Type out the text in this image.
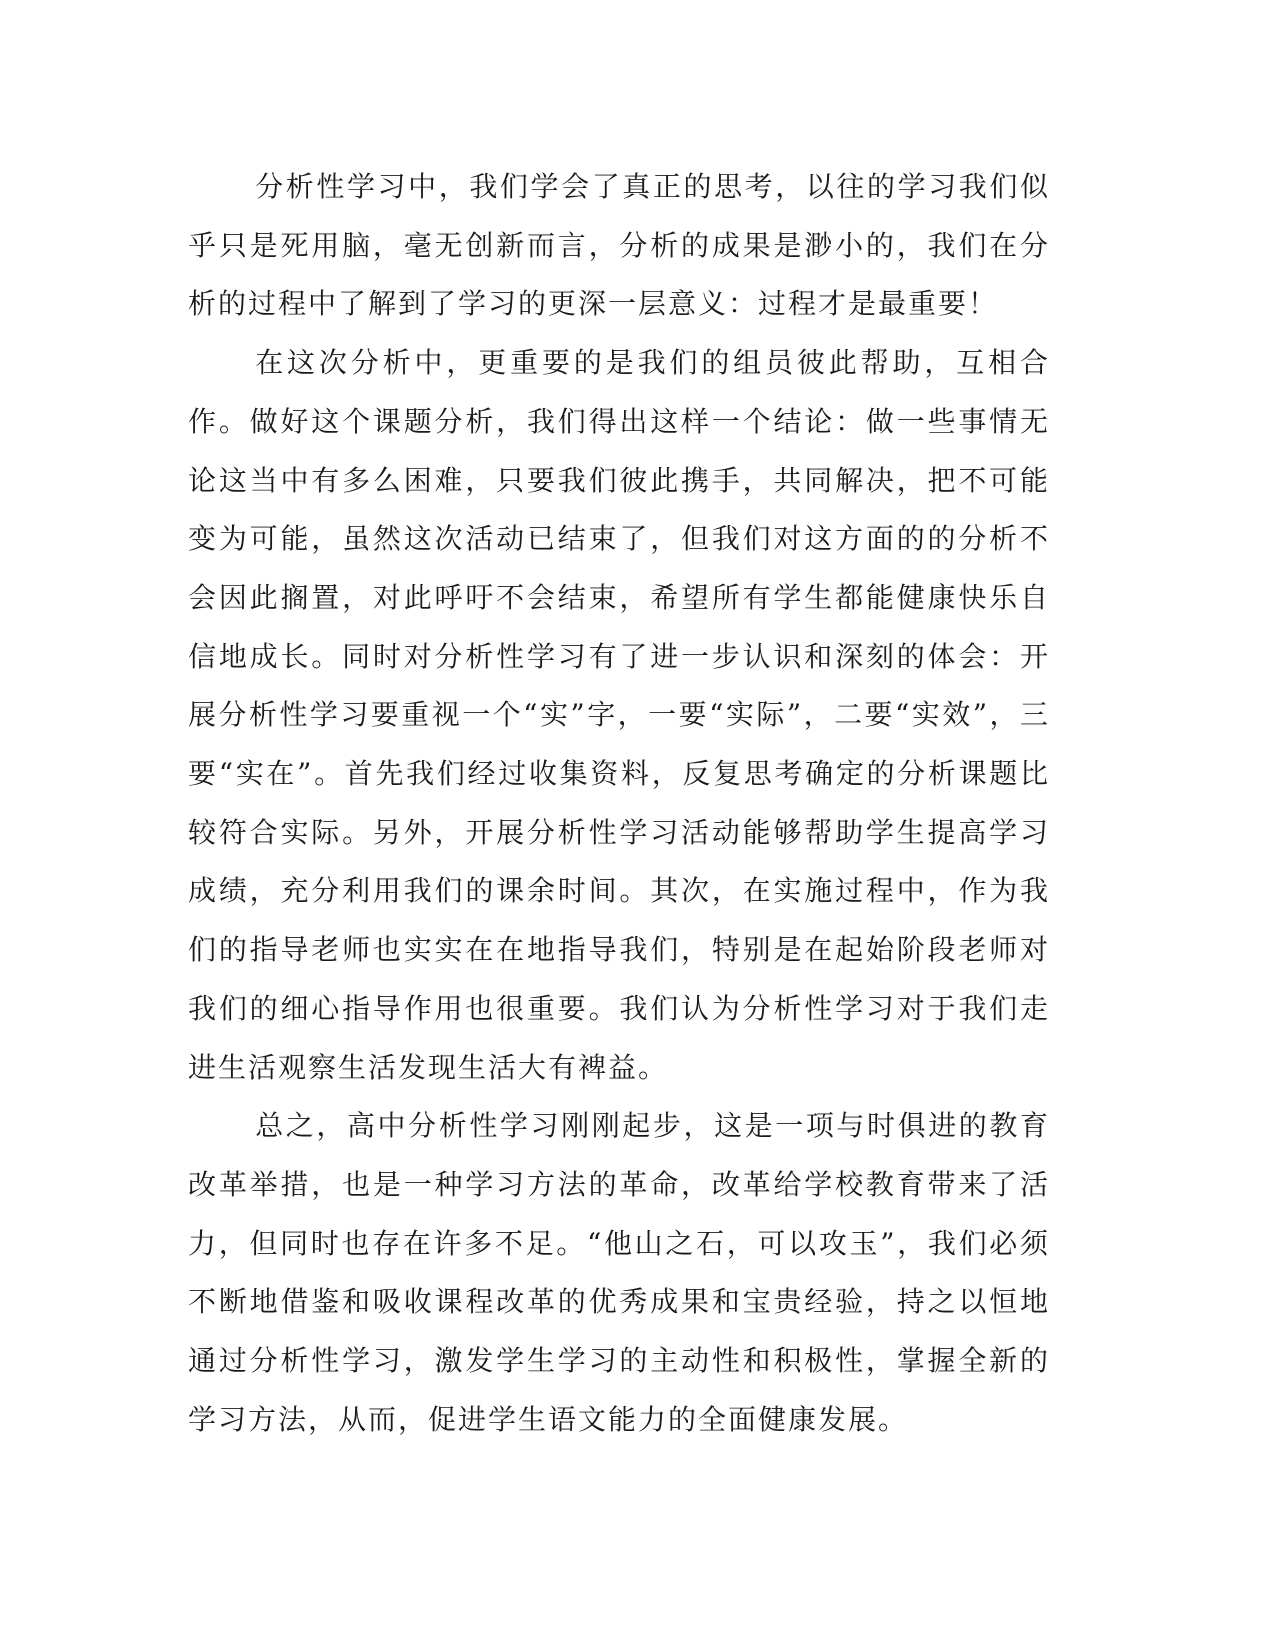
分析性学习中，我们学会了真正的思考，以往的学习我们似乎只是死用脑，毫无创新而言，分析的成果是渺小的，我们在分析的过程中了解到了学习的更深一层意义：过程才是最重要！

在这次分析中，更重要的是我们的组员彼此帮助，互相合作。做好这个课题分析，我们得出这样一个结论：做一些事情无论这当中有多么困难，只要我们彼此携手，共同解决，把不可能变为可能，虽然这次活动已结束了，但我们对这方面的的分析不会因此搁置，对此呼吁不会结束，希望所有学生都能健康快乐自信地成长。同时对分析性学习有了进一步认识和深刻的体会：开展分析性学习要重视一个“实”字，一要“实际”，二要“实效”，三要“实在”。首先我们经过收集资料，反复思考确定的分析课题比较符合实际。另外，开展分析性学习活动能够帮助学生提高学习成绩，充分利用我们的课余时间。其次，在实施过程中，作为我们的指导老师也实实在在地指导我们，特别是在起始阶段老师对我们的细心指导作用也很重要。我们认为分析性学习对于我们走进生活观察生活发现生活大有裨益。

总之，高中分析性学习刚刚起步，这是一项与时俱进的教育改革举措，也是一种学习方法的革命，改革给学校教育带来了活力，但同时也存在许多不足。“他山之石，可以攻玉”，我们必须不断地借鉴和吸收课程改革的优秀成果和宝贵经验，持之以恒地通过分析性学习，激发学生学习的主动性和积极性，掌握全新的学习方法，从而，促进学生语文能力的全面健康发展。
